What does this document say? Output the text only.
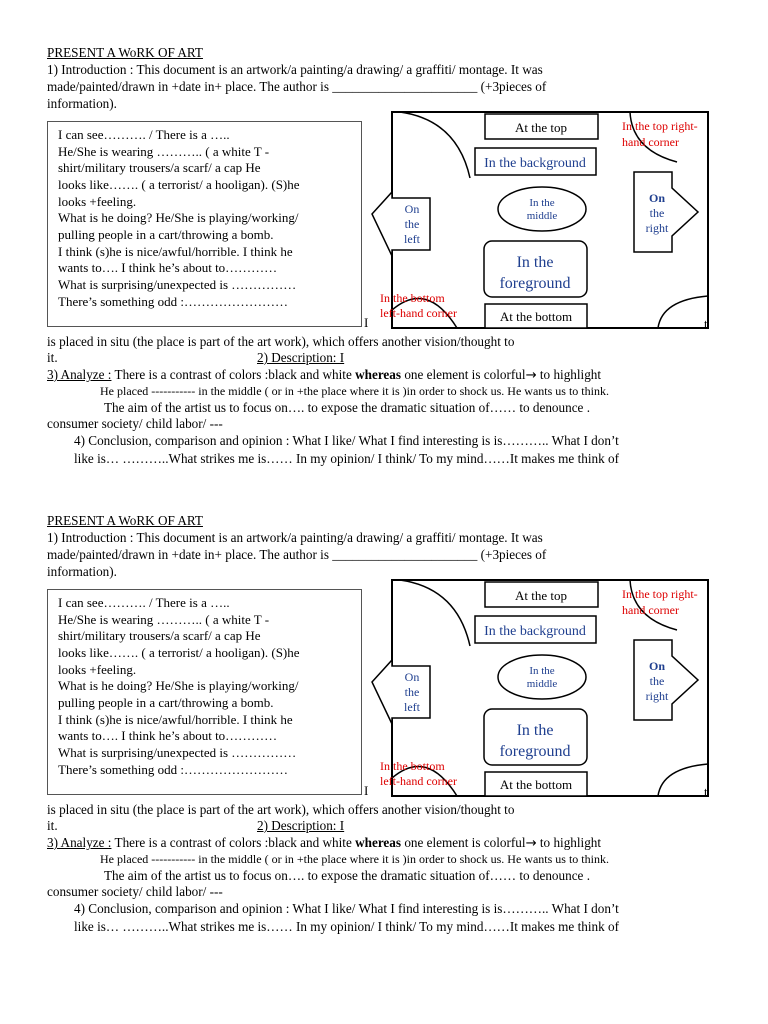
PRESENT A WoRK OF ART
1) Introduction : This document is an artwork/a painting/a drawing/ a graffiti/ montage. It was
made/painted/drawn in +date in+ place. The author is ______________________ (+3pieces of
information).
I can see………. / There is a …..
He/She is wearing ……….. ( a white T -
shirt/military trousers/a scarf/ a cap He
looks like……. ( a terrorist/ a hooligan). (S)he
looks +feeling.
What is he doing? He/She is playing/working/
pulling people in a cart/throwing a bomb.
I think (s)he is nice/awful/horrible. I think he
wants to…. I think he’s about to…………
What is surprising/unexpected is ……………
There’s something odd :……………………
At the top
In the background
In the top right-
hand corner
On
the
left
In the
middle
On
the
right
In the
foreground
In the bottom
left-hand corner	At the bottom
I	t
is placed in situ (the place is part of the art work), which offers another vision/thought to
it.	2) Description: I
3) Analyze : There is a contrast of colors :black and white whereas one element is colorful→ to highlight
He placed ----------- in the middle ( or in +the place where it is )in order to shock us. He wants us to think.
The aim of the artist us to focus on…. to expose the dramatic situation of…… to denounce .
consumer society/ child labor/ ---
4) Conclusion, comparison and opinion : What I like/ What I find interesting is is……….. What I don’t
like is… ………..What strikes me is…… In my opinion/ I think/ To my mind……It makes me think of
PRESENT A WoRK OF ART
1) Introduction : This document is an artwork/a painting/a drawing/ a graffiti/ montage. It was
made/painted/drawn in +date in+ place. The author is ______________________ (+3pieces of
information).
I can see………. / There is a …..
He/She is wearing ……….. ( a white T -
shirt/military trousers/a scarf/ a cap He
looks like……. ( a terrorist/ a hooligan). (S)he
looks +feeling.
What is he doing? He/She is playing/working/
pulling people in a cart/throwing a bomb.
I think (s)he is nice/awful/horrible. I think he
wants to…. I think he’s about to…………
What is surprising/unexpected is ……………
There’s something odd :……………………
At the top
In the background
In the top right-
hand corner
On
the
left
In the
middle
On
the
right
In the
foreground
In the bottom
left-hand corner	At the bottom
I	t
is placed in situ (the place is part of the art work), which offers another vision/thought to
it.	2) Description: I
3) Analyze : There is a contrast of colors :black and white whereas one element is colorful→ to highlight
He placed ----------- in the middle ( or in +the place where it is )in order to shock us. He wants us to think.
The aim of the artist us to focus on…. to expose the dramatic situation of…… to denounce .
consumer society/ child labor/ ---
4) Conclusion, comparison and opinion : What I like/ What I find interesting is is……….. What I don’t
like is… ………..What strikes me is…… In my opinion/ I think/ To my mind……It makes me think of
